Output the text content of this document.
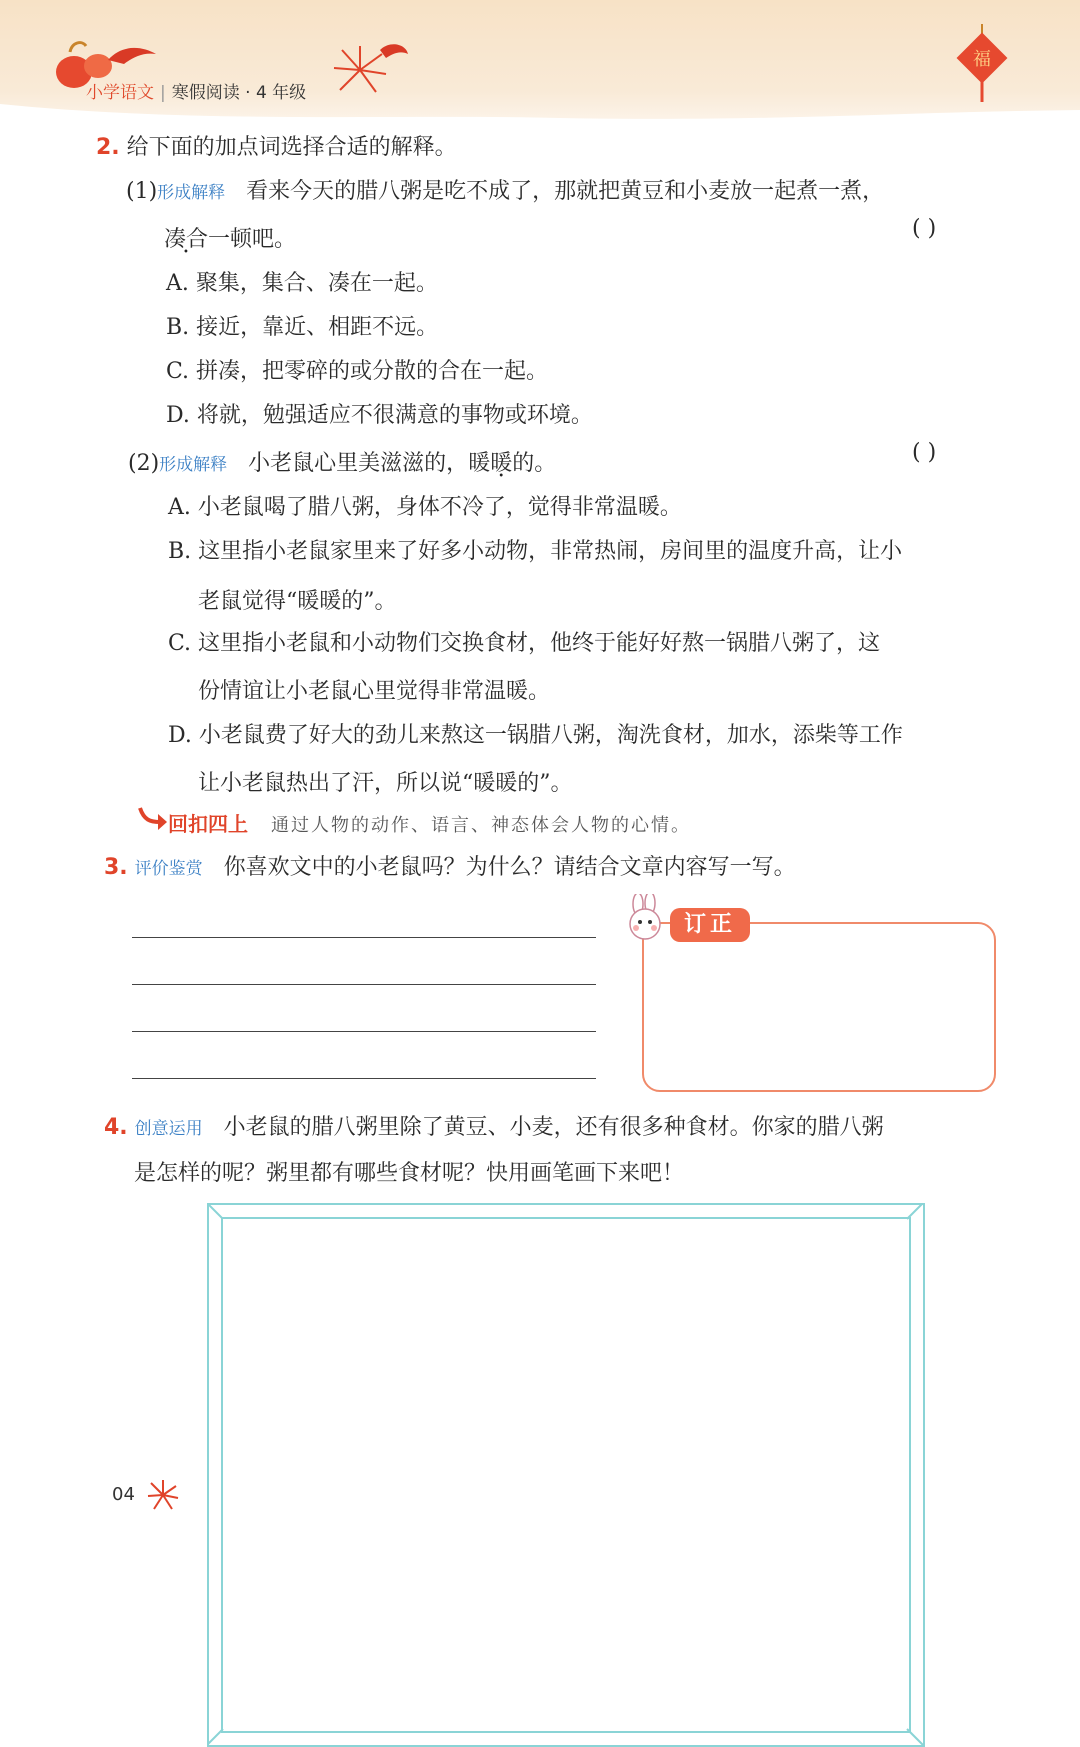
福
小学语文 | 寒假阅读 · 4 年级
2. 给下面的加点词选择合适的解释。
(1)形成解释 看来今天的腊八粥是吃不成了，那就把黄豆和小麦放一起煮一煮，
凑合一顿吧。	( )
A. 聚集，集合、凑在一起。
B. 接近，靠近、相距不远。
C. 拼凑，把零碎的或分散的合在一起。
D. 将就，勉强适应不很满意的事物或环境。
(2)形成解释 小老鼠心里美滋滋的，暖暖的。	( )
A. 小老鼠喝了腊八粥，身体不冷了，觉得非常温暖。
B. 这里指小老鼠家里来了好多小动物，非常热闹，房间里的温度升高，让小
老鼠觉得“暖暖的”。
C. 这里指小老鼠和小动物们交换食材，他终于能好好熬一锅腊八粥了，这
份情谊让小老鼠心里觉得非常温暖。
D. 小老鼠费了好大的劲儿来熬这一锅腊八粥，淘洗食材，加水，添柴等工作
让小老鼠热出了汗，所以说“暖暖的”。
回扣四上 通过人物的动作、语言、神态体会人物的心情。
3. 评价鉴赏 你喜欢文中的小老鼠吗？为什么？请结合文章内容写一写。
订正
4. 创意运用 小老鼠的腊八粥里除了黄豆、小麦，还有很多种食材。你家的腊八粥
是怎样的呢？粥里都有哪些食材呢？快用画笔画下来吧！
04
